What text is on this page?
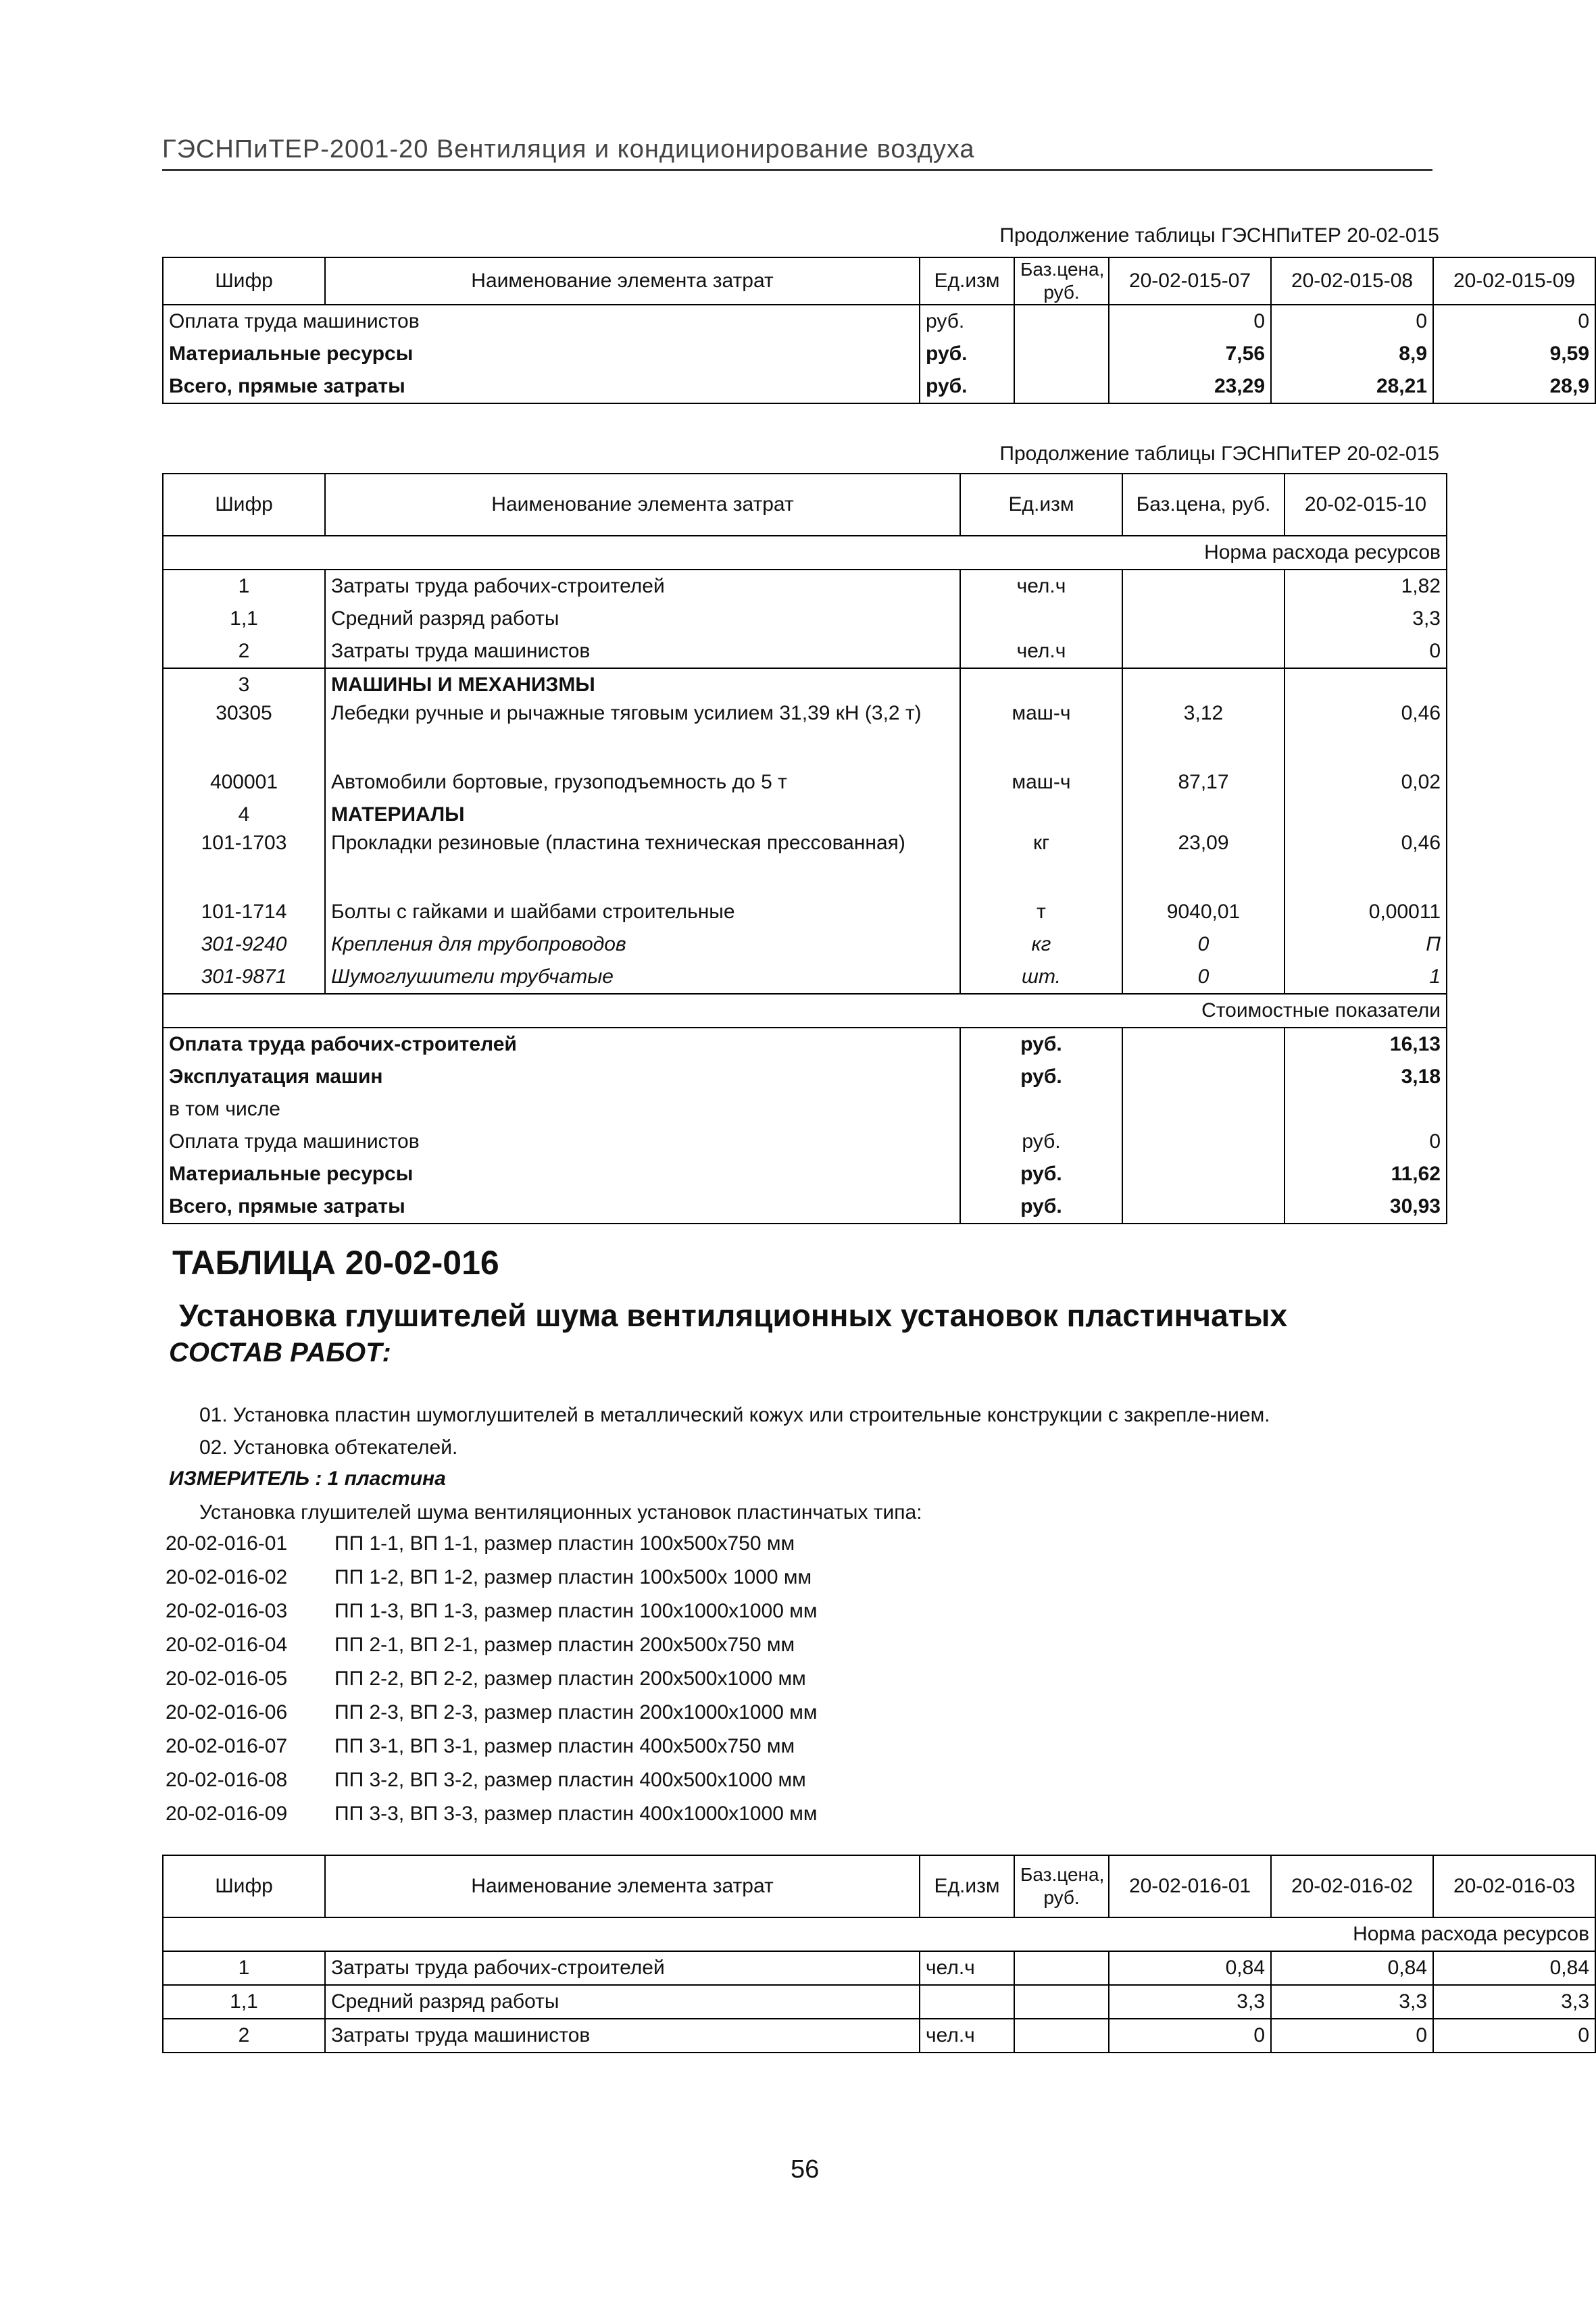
ГЭСНПиТЕР-2001-20 Вентиляция и кондиционирование воздуха
Продолжение таблицы ГЭСНПиТЕР 20-02-015
Шифр	Наименование элемента затрат	Ед.изм	Баз.цена, руб.	20-02-015-07	20-02-015-08	20-02-015-09
Оплата труда машинистов		руб.		0	0	0
Материальные ресурсы		руб.		7,56	8,9	9,59
Всего, прямые затраты		руб.		23,29	28,21	28,9
Продолжение таблицы ГЭСНПиТЕР 20-02-015
Шифр	Наименование элемента затрат	Ед.изм	Баз.цена, руб.	20-02-015-10
Норма расхода ресурсов				
1	Затраты труда рабочих-строителей	чел.ч		1,82
1,1	Средний разряд работы			3,3
2	Затраты труда машинистов	чел.ч		0
3	МАШИНЫ И МЕХАНИЗМЫ			
30305	Лебедки ручные и рычажные тяговым усилием 31,39 кН (3,2 т)	маш-ч	3,12	0,46
400001	Автомобили бортовые, грузоподъемность до 5 т	маш-ч	87,17	0,02
4	МАТЕРИАЛЫ			
101-1703	Прокладки резиновые (пластина техническая прессованная)	кг	23,09	0,46
101-1714	Болты с гайками и шайбами строительные	т	9040,01	0,00011
301-9240	Крепления для трубопроводов	кг	0	П
301-9871	Шумоглушители трубчатые	шт.	0	1
Стоимостные показатели				
Оплата труда рабочих-строителей		руб.		16,13
Эксплуатация машин		руб.		3,18
в том числе				
Оплата труда машинистов		руб.		0
Материальные ресурсы		руб.		11,62
Всего, прямые затраты		руб.		30,93
ТАБЛИЦА 20-02-016
Установка глушителей шума вентиляционных установок пластинчатых
СОСТАВ РАБОТ:
01. Установка пластин шумоглушителей в металлический кожух или строительные конструкции с закрепле-нием.
02. Установка обтекателей.
ИЗМЕРИТЕЛЬ : 1 пластина
Установка глушителей шума вентиляционных установок пластинчатых типа:
20-02-016-01	ПП 1-1, ВП 1-1, размер пластин 100х500х750 мм
20-02-016-02	ПП 1-2, ВП 1-2, размер пластин 100х500х 1000 мм
20-02-016-03	ПП 1-3, ВП 1-3, размер пластин 100х1000х1000 мм
20-02-016-04	ПП 2-1, ВП 2-1, размер пластин 200х500х750 мм
20-02-016-05	ПП 2-2, ВП 2-2, размер пластин 200х500х1000 мм
20-02-016-06	ПП 2-3, ВП 2-3, размер пластин 200х1000х1000 мм
20-02-016-07	ПП 3-1, ВП 3-1, размер пластин 400х500х750 мм
20-02-016-08	ПП 3-2, ВП 3-2, размер пластин 400х500х1000 мм
20-02-016-09	ПП 3-3, ВП 3-3, размер пластин 400х1000х1000 мм
Шифр	Наименование элемента затрат	Ед.изм	Баз.цена, руб.	20-02-016-01	20-02-016-02	20-02-016-03
Норма расхода ресурсов						
1	Затраты труда рабочих-строителей	чел.ч		0,84	0,84	0,84
1,1	Средний разряд работы			3,3	3,3	3,3
2	Затраты труда машинистов	чел.ч		0	0	0
56
